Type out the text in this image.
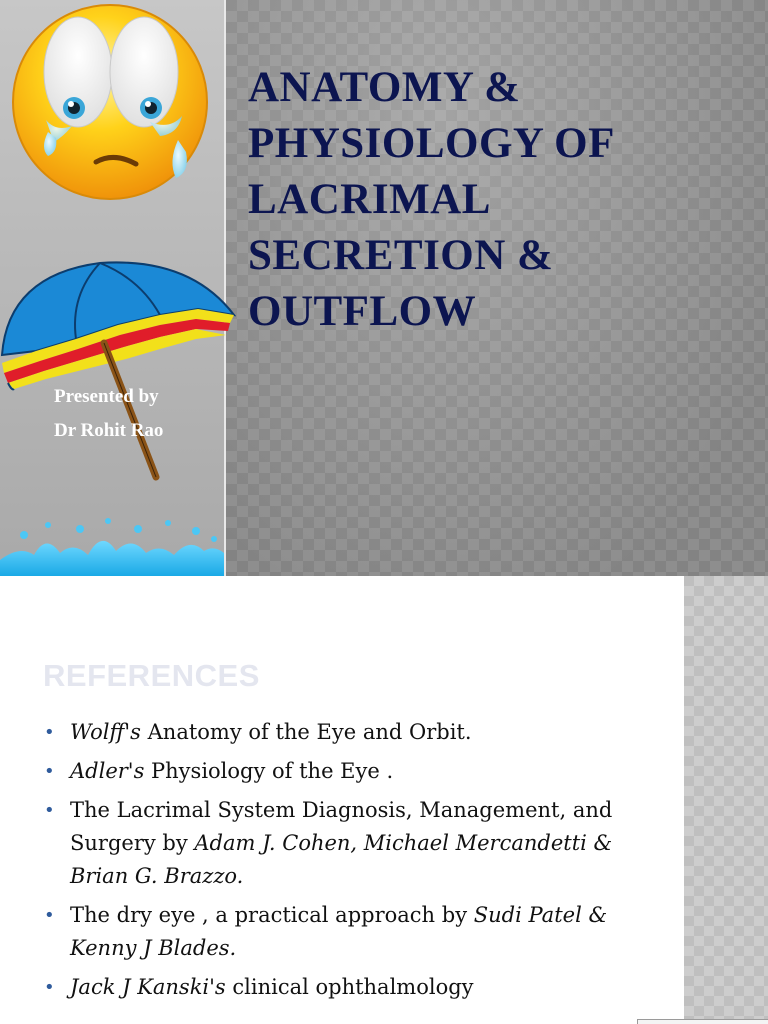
ANATOMY &
PHYSIOLOGY OF
LACRIMAL
SECRETION &
OUTFLOW
Presented by
Dr Rohit Rao
REFERENCES
• Wolff's Anatomy of the Eye and Orbit.
• Adler's Physiology of the Eye .
• The Lacrimal System Diagnosis, Management, and Surgery by Adam J. Cohen, Michael Mercandetti & Brian G. Brazzo.
• The dry eye , a practical approach by Sudi Patel & Kenny J Blades.
• Jack J Kanski's clinical ophthalmology
